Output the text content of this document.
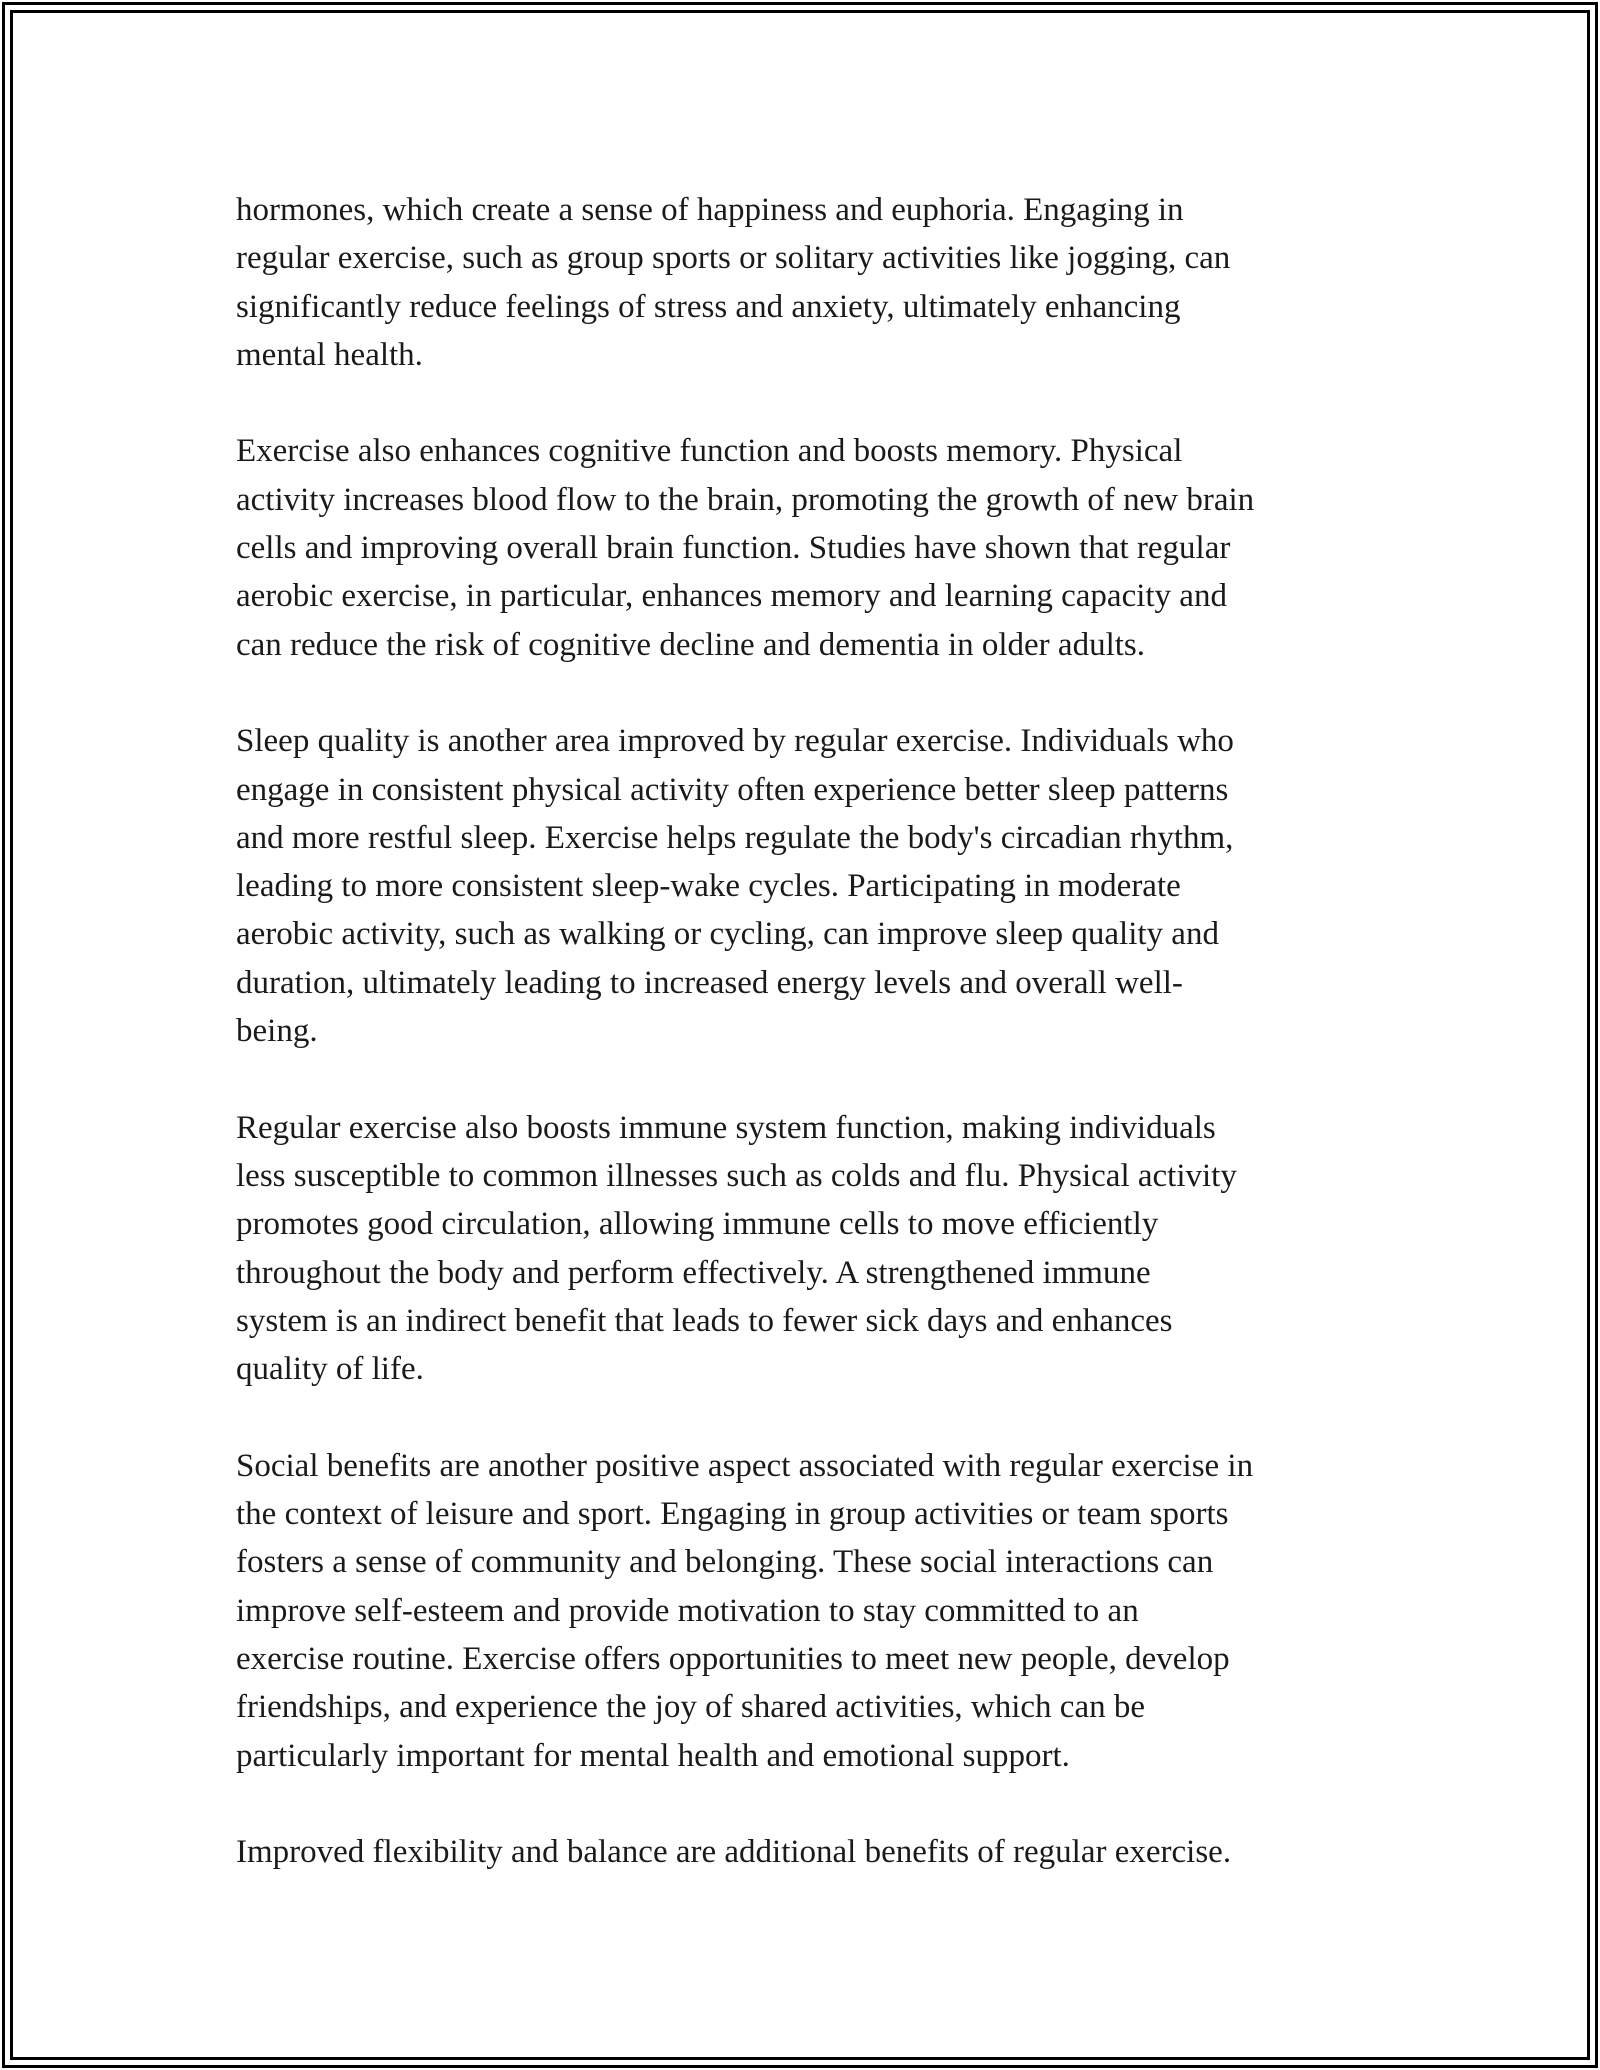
hormones, which create a sense of happiness and euphoria. Engaging in
regular exercise, such as group sports or solitary activities like jogging, can
significantly reduce feelings of stress and anxiety, ultimately enhancing
mental health.
Exercise also enhances cognitive function and boosts memory. Physical
activity increases blood flow to the brain, promoting the growth of new brain
cells and improving overall brain function. Studies have shown that regular
aerobic exercise, in particular, enhances memory and learning capacity and
can reduce the risk of cognitive decline and dementia in older adults.
Sleep quality is another area improved by regular exercise. Individuals who
engage in consistent physical activity often experience better sleep patterns
and more restful sleep. Exercise helps regulate the body's circadian rhythm,
leading to more consistent sleep-wake cycles. Participating in moderate
aerobic activity, such as walking or cycling, can improve sleep quality and
duration, ultimately leading to increased energy levels and overall well-
being.
Regular exercise also boosts immune system function, making individuals
less susceptible to common illnesses such as colds and flu. Physical activity
promotes good circulation, allowing immune cells to move efficiently
throughout the body and perform effectively. A strengthened immune
system is an indirect benefit that leads to fewer sick days and enhances
quality of life.
Social benefits are another positive aspect associated with regular exercise in
the context of leisure and sport. Engaging in group activities or team sports
fosters a sense of community and belonging. These social interactions can
improve self-esteem and provide motivation to stay committed to an
exercise routine. Exercise offers opportunities to meet new people, develop
friendships, and experience the joy of shared activities, which can be
particularly important for mental health and emotional support.
Improved flexibility and balance are additional benefits of regular exercise.
